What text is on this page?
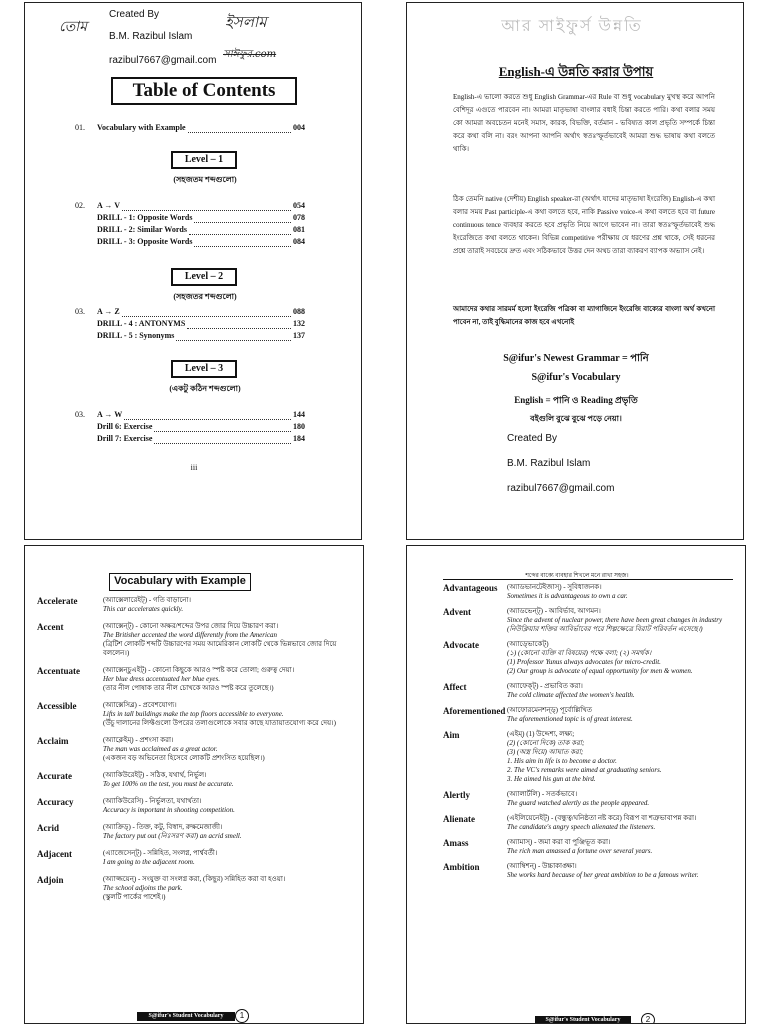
তোম	ইসলাম
সাঈফুর.com
Created By
B.M. Razibul Islam
razibul7667@gmail.com
Table of Contents
01.	Vocabulary with Example	004
Level – 1
(সহজতম শব্দগুলো)
02.	A → V	054
DRILL - 1: Opposite Words	078
DRILL - 2: Similar Words	081
DRILL - 3: Opposite Words	084
Level – 2
(সহজতর শব্দগুলো)
03.	A → Z	088
DRILL - 4 : ANTONYMS	132
DRILL - 5 : Synonyms	137
Level – 3
(একটু কঠিন শব্দগুলো)
03.	A → W	144
Drill 6: Exercise	180
Drill 7: Exercise	184
iii
আর সাইফুর্স উন্নতি
English-এ উন্নতি করার উপায়
English-এ ভালো করতে শুধু English Grammar-এর Rule বা শুধু vocabulary মুখস্থ করে আপনি বেশিদূর এগুতে পারবেন না। আমরা মাতৃভাষা বাংলার বধাই চিন্তা করতে পারি। কথা বলার সময় কো আমরা অবচেতন মনেই সমাস, কারক, বিভক্তি, বর্তমান - ভবিষ্যত কাল প্রভৃতি সম্পর্কে চিন্তা করে কথা বলি না। বরং আপনা আপনি অর্থাৎ স্বতঃস্ফূর্তভাবেই আমরা শুদ্ধ ভাষায় কথা বলতে থাকি।
ঠিক তেমনি native (দেশীয়) English speaker-রা (অর্থাৎ যাদের মাতৃভাষা ইংরেজি) English-এ কথা বলার সময় Past participle-এ কথা বলতে হবে, নাকি Passive voice-এ কথা বলতে হবে বা future continuous tence ব্যবহার করতে হবে প্রভৃতি নিয়ে আগে ভাবেন না। তারা স্বতঃস্ফূর্তভাবেই শুদ্ধ ইংরেজিতে কথা বলতে থাকেন। বিভিন্ন competitive পরীক্ষায় যে ধরণের প্রশ্ন থাকে, সেই ধরনের প্রশ্নে তারাই সবচেয়ে দ্রুত এবং সঠিকভাবে উত্তর দেন অথচ তারা ব্যাকরণ ব্যাপক অভ্যাস নেই।
আমাদের কথার সারমর্ম হলো ইংরেজি পত্রিকা বা ম্যাগাজিনে ইংরেজি বাক্যের বাংলা অর্থ কখনো পাবেন না, তাই বুদ্ধিমানের কাজ হবে এখনোই
S@ifur's Newest Grammar = পানি
S@ifur's Vocabulary
English = পানি ও Reading প্রভৃতি
বইগুলি বুঝে বুঝে পড়ে নেয়া।
Created By
B.M. Razibul Islam
razibul7667@gmail.com
Vocabulary with Example
Accelerate	(অ্যাক্সেলারেইট্) - গতি বাড়ানো।
This car accelerates quickly.
Accent	(অ্যাক্সেন্ট্) - কোনো অক্ষর/শব্দের উপর জোর দিয়ে উচ্চারণ করা।
The Britisher accented the word differently from the American
(ব্রিটিশ লোকটি শব্দটি উচ্চারণের সময় আমেরিকান লোকটি থেকে ভিন্নভাবে জোর দিয়ে বললেন।)
Accentuate	(অ্যাক্সেন্চুএইট্) - কোনো কিছুকে আরও স্পষ্ট করে তোলা; গুরুত্ব দেয়া।
Her blue dress accentuated her blue eyes.
(তার নীল পোষাক তার নীল চোখকে আরও স্পষ্ট করে তুলেছে।)
Accessible	(অ্যাক্সেসিব্ল) - প্রবেশযোগ্য।
Lifts in tall buildings make the top floors accessible to everyone.
(উঁচু দালানের লিফ্টগুলো উপরের তলাগুলোকে সবার কাছে যাতায়াতযোগ্য করে দেয়।)
Acclaim	(অ্যাক্লেইম্) - প্রশংসা করা।
The man was acclaimed as a great actor.
(একজন বড় অভিনেতা হিসেবে লোকটি প্রশংসিত হয়েছিল।)
Accurate	(অ্যাকিউরেইট্) - সঠিক, যথার্থ, নির্ভুল।
To get 100% on the test, you must be accurate.
Accuracy	(অ্যাকিউরেসি) - নির্ভুলতা, যথার্থতা।
Accuracy is important in shooting competition.
Acrid	(অ্যাক্রিড্) - তিক্ত, কটু, বিস্বাদ, রুক্ষমেজাজী।
The factory put out (নিঃসরণ করা) an acrid smell.
Adjacent	(এ্যাজেসেন্ট্) - সন্নিহিত, সংলগ্ন, পার্শ্ববর্তী।
I am going to the adjacent room.
Adjoin	(অ্যাজ্জয়েন্) - সংযুক্ত বা সংলগ্ন করা, (কিছুর) সন্নিহিত করা বা হওয়া।
The school adjoins the park.
(স্কুলটি পার্কের পাশেই।)
S@ifur's Student Vocabulary	1
শব্দের বাক্যে ব্যবহার শিখলে মনে রাখা সহজ।
Advantageous	(অ্যাডভানটেইজাস্) - সুবিধাজনক।
Sometimes it is advantageous to own a car.
Advent	(অ্যাডভেন্ট্) - আবির্ভাব, আগমন।
Since the advent of nuclear power, there have been great changes in industry (নিউক্লিয়ার শক্তির আবির্ভাবের পরে শিল্পক্ষেত্রে বিরাট পরিবর্তন এসেছে।)
Advocate	(অ্যাড্ভোকেট্)
(১) (কোনো ব্যক্তি বা বিষয়ের) পক্ষে বলা; (২) সমর্থক।
(1) Professor Yunus always advocates for micro-credit.
(2) Our group is advocate of equal opportunity for men & women.
Affect	(অ্যাফেক্ট্) - প্রভাবিত করা।
The cold climate affected the women's health.
Aforementioned (আফোরমেনশন্ড্) পূর্বোল্লিখিত
The aforementioned topic is of great interest.
Aim	(এইম্) (1) উদ্দেশ্য, লক্ষ্য;
(2) (কোনো দিকে) তাক করা;
(3) (অস্ত্র দিয়ে) আঘাত করা;
1. His aim in life is to become a doctor.
2. The VC's remarks were aimed at graduating seniors.
3. He aimed his gun at the bird.
Alertly	(অ্যালার্টলি) - সতর্কভাবে।
The guard watched alertly as the people appeared.
Alienate	(এইলিয়েনেইট্) - (বন্ধুত্ব/ঘনিষ্ঠতা নষ্ট করে) বিরূপ বা শত্রুভাবাপন্ন করা।
The candidate's angry speech alienated the listeners.
Amass	(অ্যামাস্) - জমা করা বা পুঞ্জিভূত করা।
The rich man amassed a fortune over several years.
Ambition	(অ্যাম্বিশন্) - উচ্চাকাঙ্ক্ষা।
She works hard because of her great ambition to be a famous writer.
S@ifur's Student Vocabulary	2
